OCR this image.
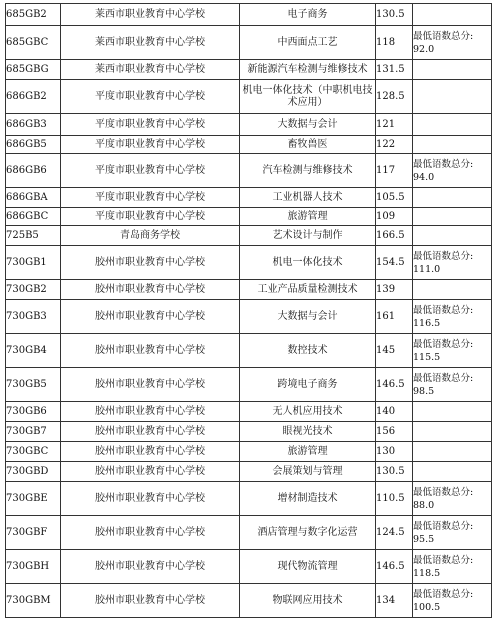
685GB2	莱西市职业教育中心学校	电子商务	130.5	
685GBC	莱西市职业教育中心学校	中西面点工艺	118	最低语数总分:
92.0

685GBG	莱西市职业教育中心学校	新能源汽车检测与维修技术	131.5	
686GB2	平度市职业教育中心学校	机电一体化技术（中职机电技术应用）	128.5	
686GB3	平度市职业教育中心学校	大数据与会计	121	
686GB5	平度市职业教育中心学校	畜牧兽医	122	
686GB6	平度市职业教育中心学校	汽车检测与维修技术	117	最低语数总分:
94.0

686GBA	平度市职业教育中心学校	工业机器人技术	105.5	
686GBC	平度市职业教育中心学校	旅游管理	109	
725B5	青岛商务学校	艺术设计与制作	166.5	
730GB1	胶州市职业教育中心学校	机电一体化技术	154.5	最低语数总分:
111.0

730GB2	胶州市职业教育中心学校	工业产品质量检测技术	139	
730GB3	胶州市职业教育中心学校	大数据与会计	161	最低语数总分:
116.5

730GB4	胶州市职业教育中心学校	数控技术	145	最低语数总分:
115.5

730GB5	胶州市职业教育中心学校	跨境电子商务	146.5	最低语数总分:
98.5

730GB6	胶州市职业教育中心学校	无人机应用技术	140	
730GB7	胶州市职业教育中心学校	眼视光技术	156	
730GBC	胶州市职业教育中心学校	旅游管理	130	
730GBD	胶州市职业教育中心学校	会展策划与管理	130.5	
730GBE	胶州市职业教育中心学校	增材制造技术	110.5	最低语数总分:
88.0

730GBF	胶州市职业教育中心学校	酒店管理与数字化运营	124.5	最低语数总分:
95.5

730GBH	胶州市职业教育中心学校	现代物流管理	146.5	最低语数总分:
118.5

730GBM	胶州市职业教育中心学校	物联网应用技术	134	最低语数总分:
100.5
